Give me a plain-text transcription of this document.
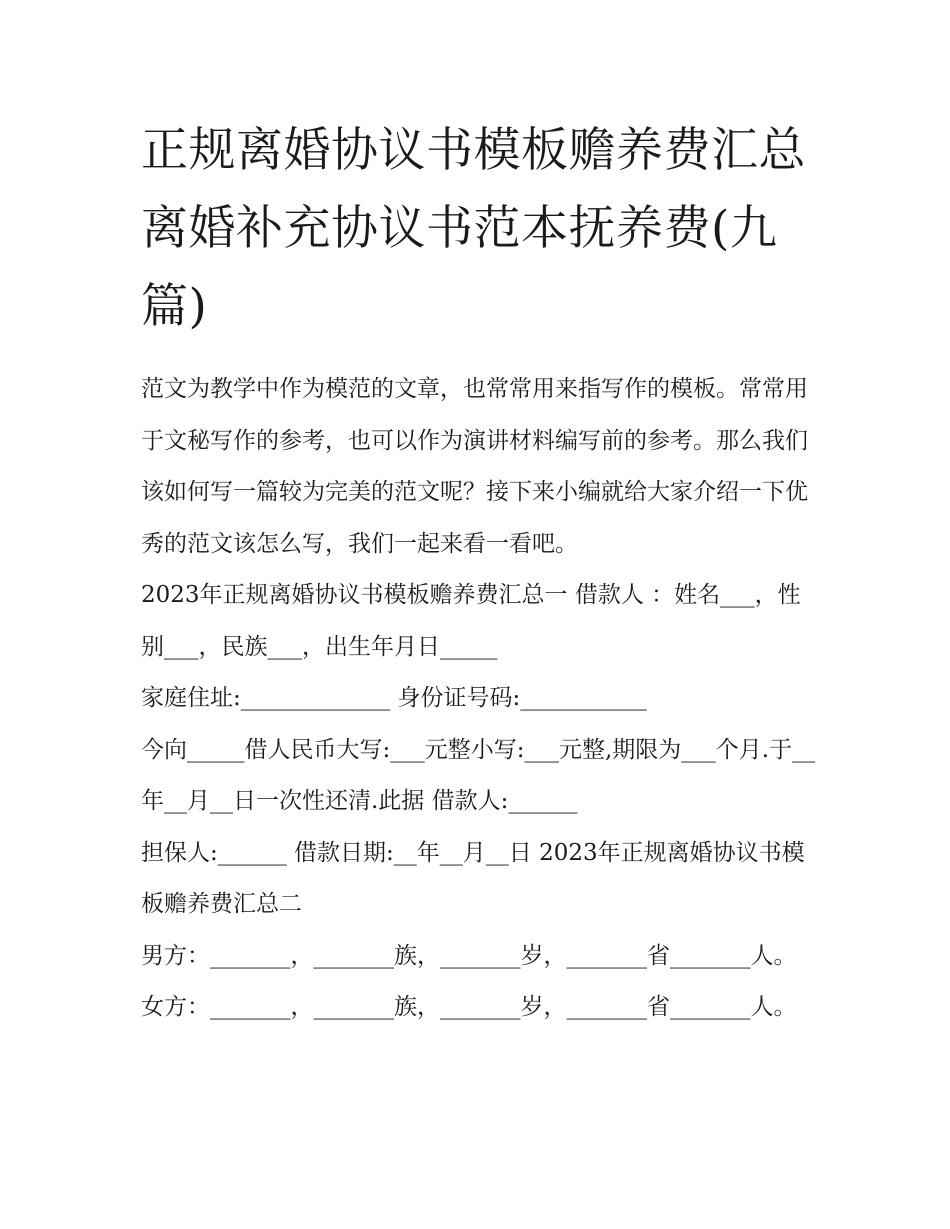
正规离婚协议书模板赡养费汇总 离婚补充协议书范本抚养费(九篇)

范文为教学中作为模范的文章，也常常用来指写作的模板。常常用于文秘写作的参考，也可以作为演讲材料编写前的参考。那么我们该如何写一篇较为完美的范文呢？接下来小编就给大家介绍一下优秀的范文该怎么写，我们一起来看一看吧。

2023年正规离婚协议书模板赡养费汇总一 借款人 ：姓名___，性别___，民族___，出生年月日_____

家庭住址:_____________ 身份证号码:___________

今向_____借人民币大写:___元整小写:___元整,期限为___个月.于__年__月__日一次性还清.此据 借款人:______

担保人:______ 借款日期:__年__月__日 2023年正规离婚协议书模板赡养费汇总二

男方：_______，_______族，_______岁，_______省_______人。

女方：_______，_______族，_______岁，_______省_______人。
